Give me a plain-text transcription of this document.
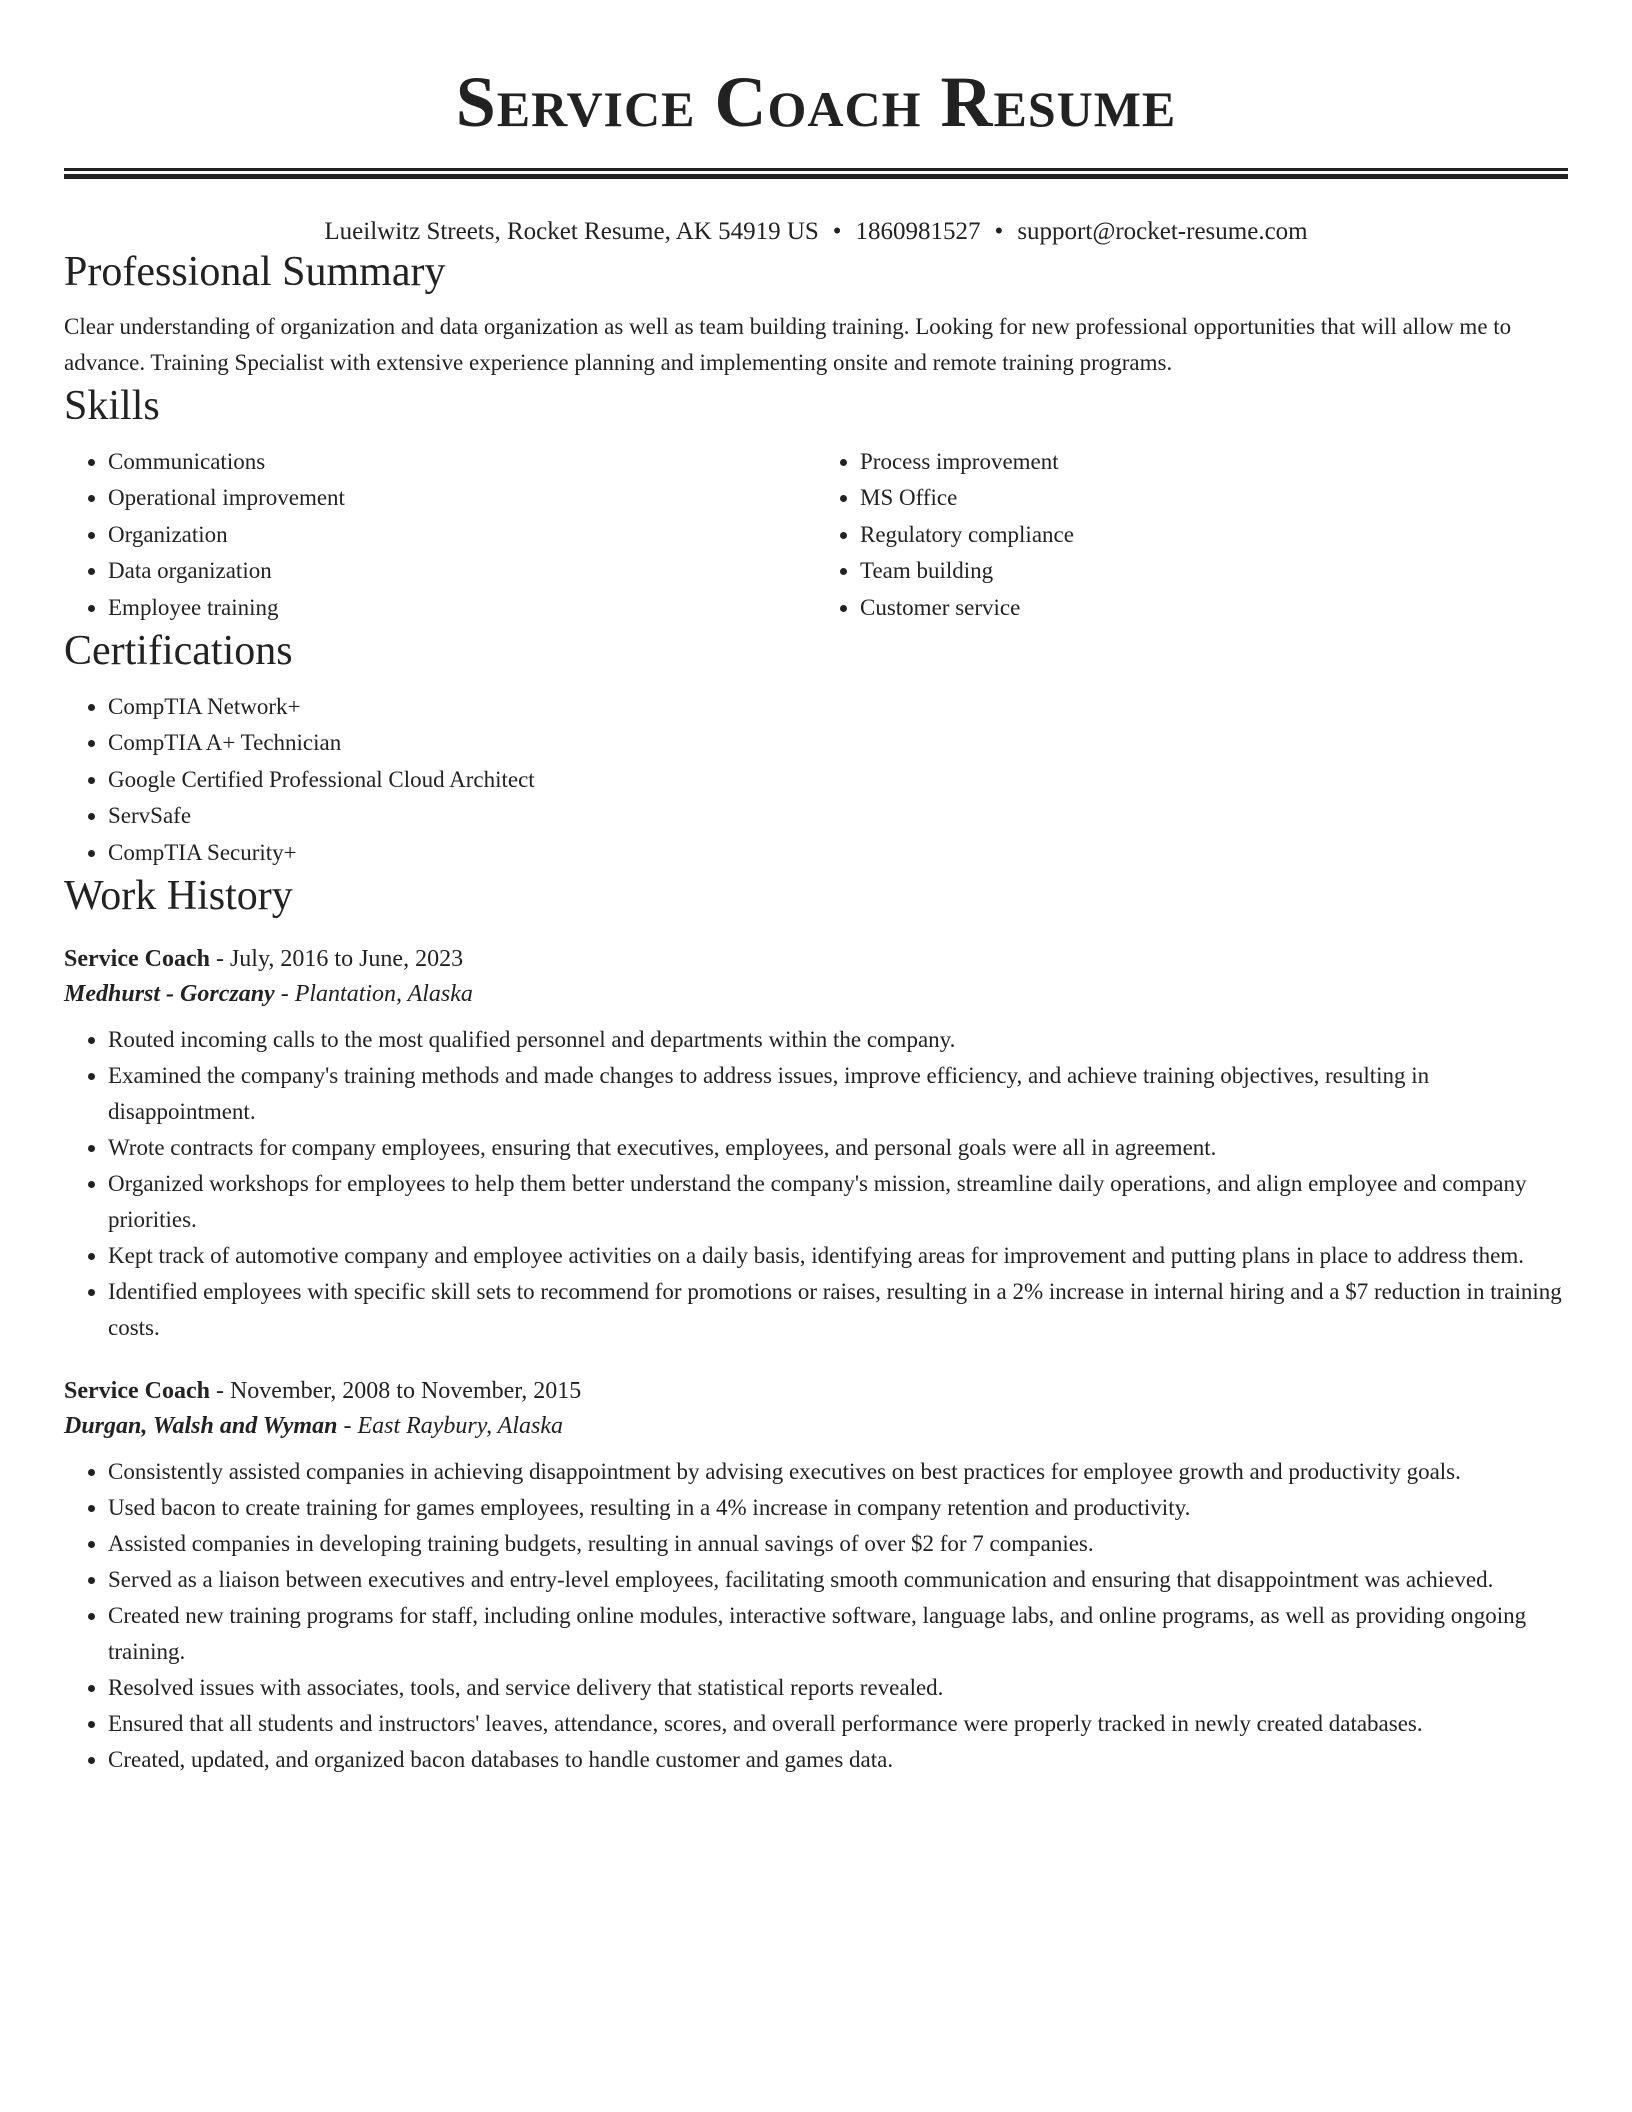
Service Coach Resume
Lueilwitz Streets, Rocket Resume, AK 54919 US • 1860981527 • support@rocket-resume.com
Professional Summary

Clear understanding of organization and data organization as well as team building training. Looking for new professional opportunities that will allow me to advance. Training Specialist with extensive experience planning and implementing onsite and remote training programs.

Skills
• Communications
• Operational improvement
• Organization
• Data organization
• Employee training
• Process improvement
• MS Office
• Regulatory compliance
• Team building
• Customer service
Certifications
• CompTIA Network+
• CompTIA A+ Technician
• Google Certified Professional Cloud Architect
• ServSafe
• CompTIA Security+
Work History
Service Coach - July, 2016 to June, 2023
Medhurst - Gorczany - Plantation, Alaska
• Routed incoming calls to the most qualified personnel and departments within the company.
• Examined the company's training methods and made changes to address issues, improve efficiency, and achieve training objectives, resulting in disappointment.
• Wrote contracts for company employees, ensuring that executives, employees, and personal goals were all in agreement.
• Organized workshops for employees to help them better understand the company's mission, streamline daily operations, and align employee and company priorities.
• Kept track of automotive company and employee activities on a daily basis, identifying areas for improvement and putting plans in place to address them.
• Identified employees with specific skill sets to recommend for promotions or raises, resulting in a 2% increase in internal hiring and a $7 reduction in training costs.
Service Coach - November, 2008 to November, 2015
Durgan, Walsh and Wyman - East Raybury, Alaska
• Consistently assisted companies in achieving disappointment by advising executives on best practices for employee growth and productivity goals.
• Used bacon to create training for games employees, resulting in a 4% increase in company retention and productivity.
• Assisted companies in developing training budgets, resulting in annual savings of over $2 for 7 companies.
• Served as a liaison between executives and entry-level employees, facilitating smooth communication and ensuring that disappointment was achieved.
• Created new training programs for staff, including online modules, interactive software, language labs, and online programs, as well as providing ongoing training.
• Resolved issues with associates, tools, and service delivery that statistical reports revealed.
• Ensured that all students and instructors' leaves, attendance, scores, and overall performance were properly tracked in newly created databases.
• Created, updated, and organized bacon databases to handle customer and games data.
